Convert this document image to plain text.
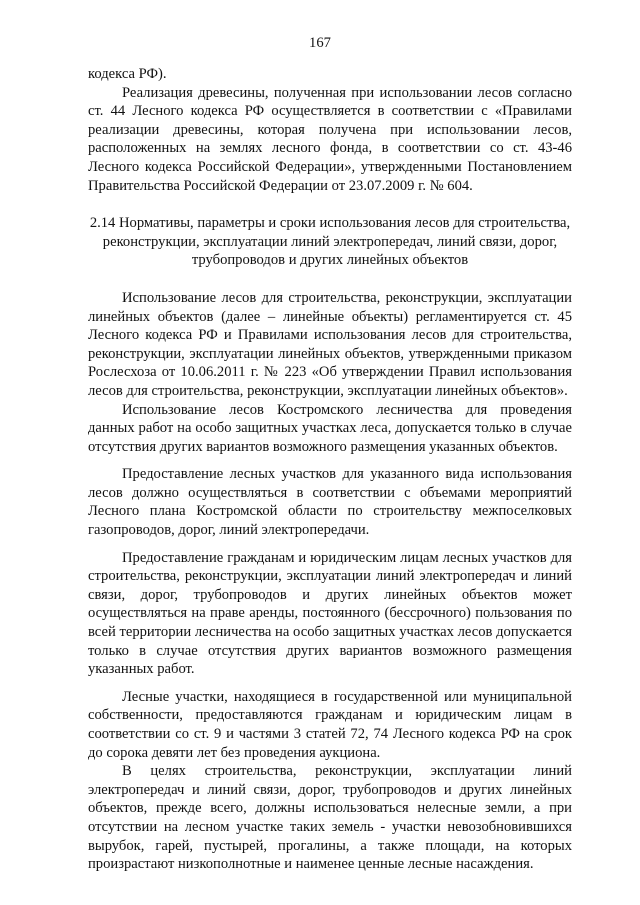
167

кодекса РФ).

Реализация древесины, полученная при использовании лесов согласно ст. 44 Лесного кодекса РФ осуществляется в соответствии с «Правилами реализации древесины, которая получена при использовании лесов, расположенных на землях лесного фонда, в соответствии со ст. 43-46 Лесного кодекса Российской Федерации», утвержденными Постановлением Правительства Российской Федерации от 23.07.2009 г. № 604.

2.14 Нормативы, параметры и сроки использования лесов для строительства, реконструкции, эксплуатации линий электропередач, линий связи, дорог, трубопроводов и других линейных объектов

Использование лесов для строительства, реконструкции, эксплуатации линейных объектов (далее – линейные объекты) регламентируется ст. 45 Лесного кодекса РФ и Правилами использования лесов для строительства, реконструкции, эксплуатации линейных объектов, утвержденными приказом Рослесхоза от 10.06.2011 г. № 223 «Об утверждении Правил использования лесов для строительства, реконструкции, эксплуатации линейных объектов».

Использование лесов Костромского лесничества для проведения данных работ на особо защитных участках леса, допускается только в случае отсутствия других вариантов возможного размещения указанных объектов.

Предоставление лесных участков для указанного вида использования лесов должно осуществляться в соответствии с объемами мероприятий Лесного плана Костромской области по строительству межпоселковых газопроводов, дорог, линий электропередачи.

Предоставление гражданам и юридическим лицам лесных участков для строительства, реконструкции, эксплуатации линий электропередач и линий связи, дорог, трубопроводов и других линейных объектов может осуществляться на праве аренды, постоянного (бессрочного) пользования по всей территории лесничества на особо защитных участках лесов допускается только в случае отсутствия других вариантов возможного размещения указанных работ.

Лесные участки, находящиеся в государственной или муниципальной собственности, предоставляются гражданам и юридическим лицам в соответствии со ст. 9 и частями 3 статей 72, 74 Лесного кодекса РФ на срок до сорока девяти лет без проведения аукциона.

В целях строительства, реконструкции, эксплуатации линий электропередач и линий связи, дорог, трубопроводов и других линейных объектов, прежде всего, должны использоваться нелесные земли, а при отсутствии на лесном участке таких земель - участки невозобновившихся вырубок, гарей, пустырей, прогалины, а также площади, на которых произрастают низкополнотные и наименее ценные лесные насаждения.
